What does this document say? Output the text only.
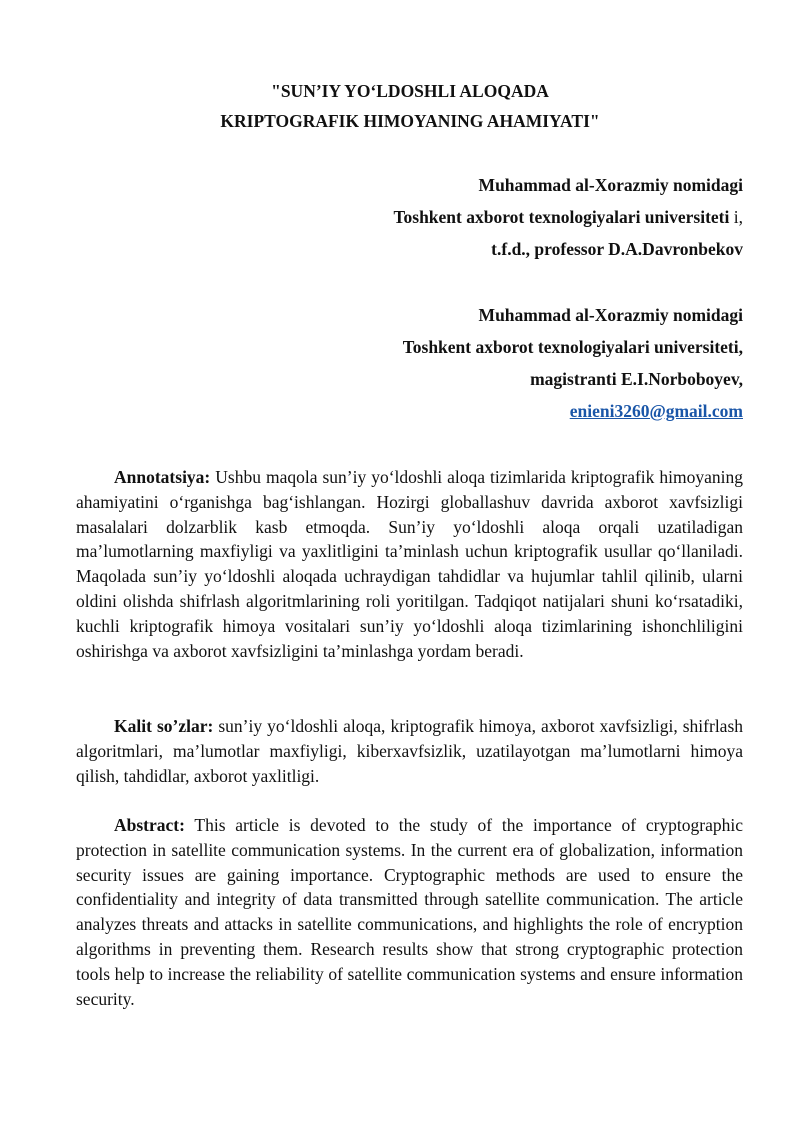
"SUN’IY YO‘LDOSHLI ALOQADA
KRIPTOGRAFIK HIMOYANING AHAMIYATI"
Muhammad al-Xorazmiy nomidagi
Toshkent axborot texnologiyalari universiteti i,
t.f.d., professor D.A.Davronbekov
Muhammad al-Xorazmiy nomidagi
Toshkent axborot texnologiyalari universiteti,
magistranti E.I.Norboboyev,
enieni3260@gmail.com
Annotatsiya: Ushbu maqola sun’iy yo‘ldoshli aloqa tizimlarida kriptografik himoyaning ahamiyatini o‘rganishga bag‘ishlangan. Hozirgi globallashuv davrida axborot xavfsizligi masalalari dolzarblik kasb etmoqda. Sun’iy yo‘ldoshli aloqa orqali uzatiladigan ma’lumotlarning maxfiyligi va yaxlitligini ta’minlash uchun kriptografik usullar qo‘llaniladi. Maqolada sun’iy yo‘ldoshli aloqada uchraydigan tahdidlar va hujumlar tahlil qilinib, ularni oldini olishda shifrlash algoritmlarining roli yoritilgan. Tadqiqot natijalari shuni ko‘rsatadiki, kuchli kriptografik himoya vositalari sun’iy yo‘ldoshli aloqa tizimlarining ishonchliligini oshirishga va axborot xavfsizligini ta’minlashga yordam beradi.
Kalit so’zlar: sun’iy yo‘ldoshli aloqa, kriptografik himoya, axborot xavfsizligi, shifrlash algoritmlari, ma’lumotlar maxfiyligi, kiberxavfsizlik, uzatilayotgan ma’lumotlarni himoya qilish, tahdidlar, axborot yaxlitligi.
Abstract: This article is devoted to the study of the importance of cryptographic protection in satellite communication systems. In the current era of globalization, information security issues are gaining importance. Cryptographic methods are used to ensure the confidentiality and integrity of data transmitted through satellite communication. The article analyzes threats and attacks in satellite communications, and highlights the role of encryption algorithms in preventing them. Research results show that strong cryptographic protection tools help to increase the reliability of satellite communication systems and ensure information security.
